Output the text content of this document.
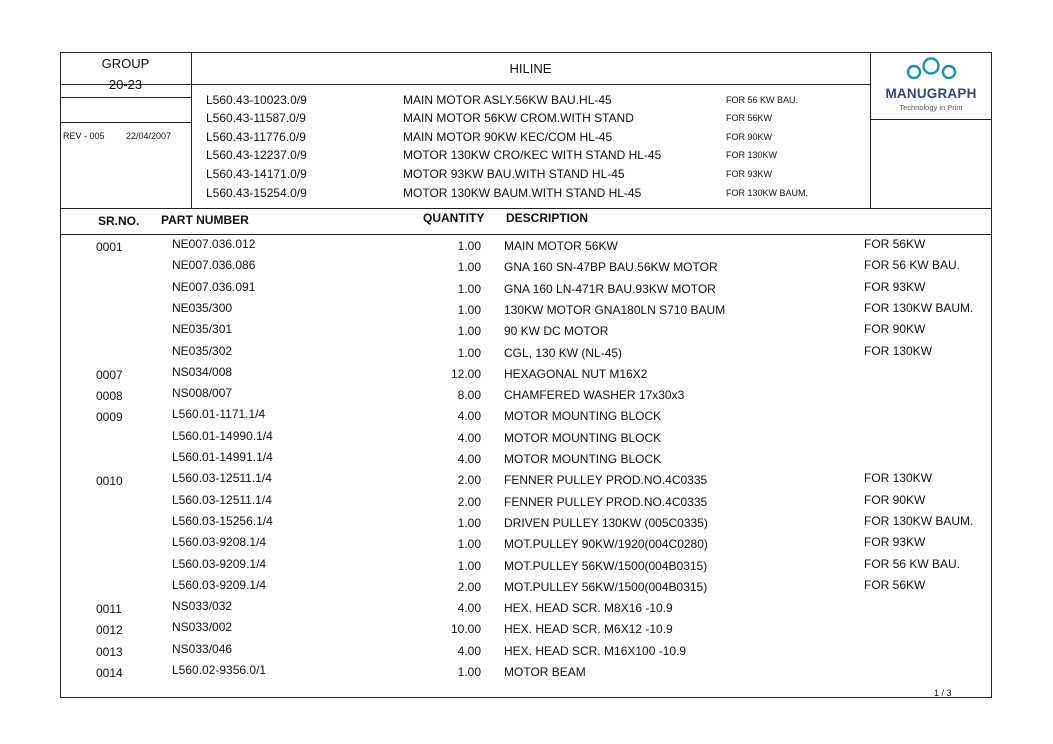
GROUP
20-23
REV - 005 22/04/2007
HILINE
L560.43-10023.0/9	MAIN MOTOR ASLY.56KW BAU.HL-45	FOR 56 KW BAU.
L560.43-11587.0/9	MAIN MOTOR 56KW CROM.WITH STAND	FOR 56KW
L560.43-11776.0/9	MAIN MOTOR 90KW KEC/COM HL-45	FOR 90KW
L560.43-12237.0/9	MOTOR 130KW CRO/KEC WITH STAND HL-45	FOR 130KW
L560.43-14171.0/9	MOTOR 93KW BAU.WITH STAND HL-45	FOR 93KW
L560.43-15254.0/9	MOTOR 130KW BAUM.WITH STAND HL-45	FOR 130KW BAUM.
MANUGRAPH
Technology in Print
SR.NO. PART NUMBER	QUANTITY DESCRIPTION
0001	NE007.036.012	1.00 MAIN MOTOR 56KW	FOR 56KW
NE007.036.086	1.00 GNA 160 SN-47BP BAU.56KW MOTOR	FOR 56 KW BAU.
NE007.036.091	1.00 GNA 160 LN-471R BAU.93KW MOTOR	FOR 93KW
NE035/300	1.00 130KW MOTOR GNA180LN S710 BAUM	FOR 130KW BAUM.
NE035/301	1.00 90 KW DC MOTOR	FOR 90KW
NE035/302	1.00 CGL, 130 KW (NL-45)	FOR 130KW
0007	NS034/008	12.00 HEXAGONAL NUT M16X2
0008	NS008/007	8.00 CHAMFERED WASHER 17x30x3
0009	L560.01-1171.1/4	4.00 MOTOR MOUNTING BLOCK
L560.01-14990.1/4	4.00 MOTOR MOUNTING BLOCK
L560.01-14991.1/4	4.00 MOTOR MOUNTING BLOCK
0010	L560.03-12511.1/4	2.00 FENNER PULLEY PROD.NO.4C0335	FOR 130KW
L560.03-12511.1/4	2.00 FENNER PULLEY PROD.NO.4C0335	FOR 90KW
L560.03-15256.1/4	1.00 DRIVEN PULLEY 130KW (005C0335)	FOR 130KW BAUM.
L560.03-9208.1/4	1.00 MOT.PULLEY 90KW/1920(004C0280)	FOR 93KW
L560.03-9209.1/4	1.00 MOT.PULLEY 56KW/1500(004B0315)	FOR 56 KW BAU.
L560.03-9209.1/4	2.00 MOT.PULLEY 56KW/1500(004B0315)	FOR 56KW
0011	NS033/032	4.00 HEX. HEAD SCR. M8X16 -10.9
0012	NS033/002	10.00 HEX. HEAD SCR. M6X12 -10.9
0013	NS033/046	4.00 HEX. HEAD SCR. M16X100 -10.9
0014	L560.02-9356.0/1	1.00 MOTOR BEAM
1 / 3
